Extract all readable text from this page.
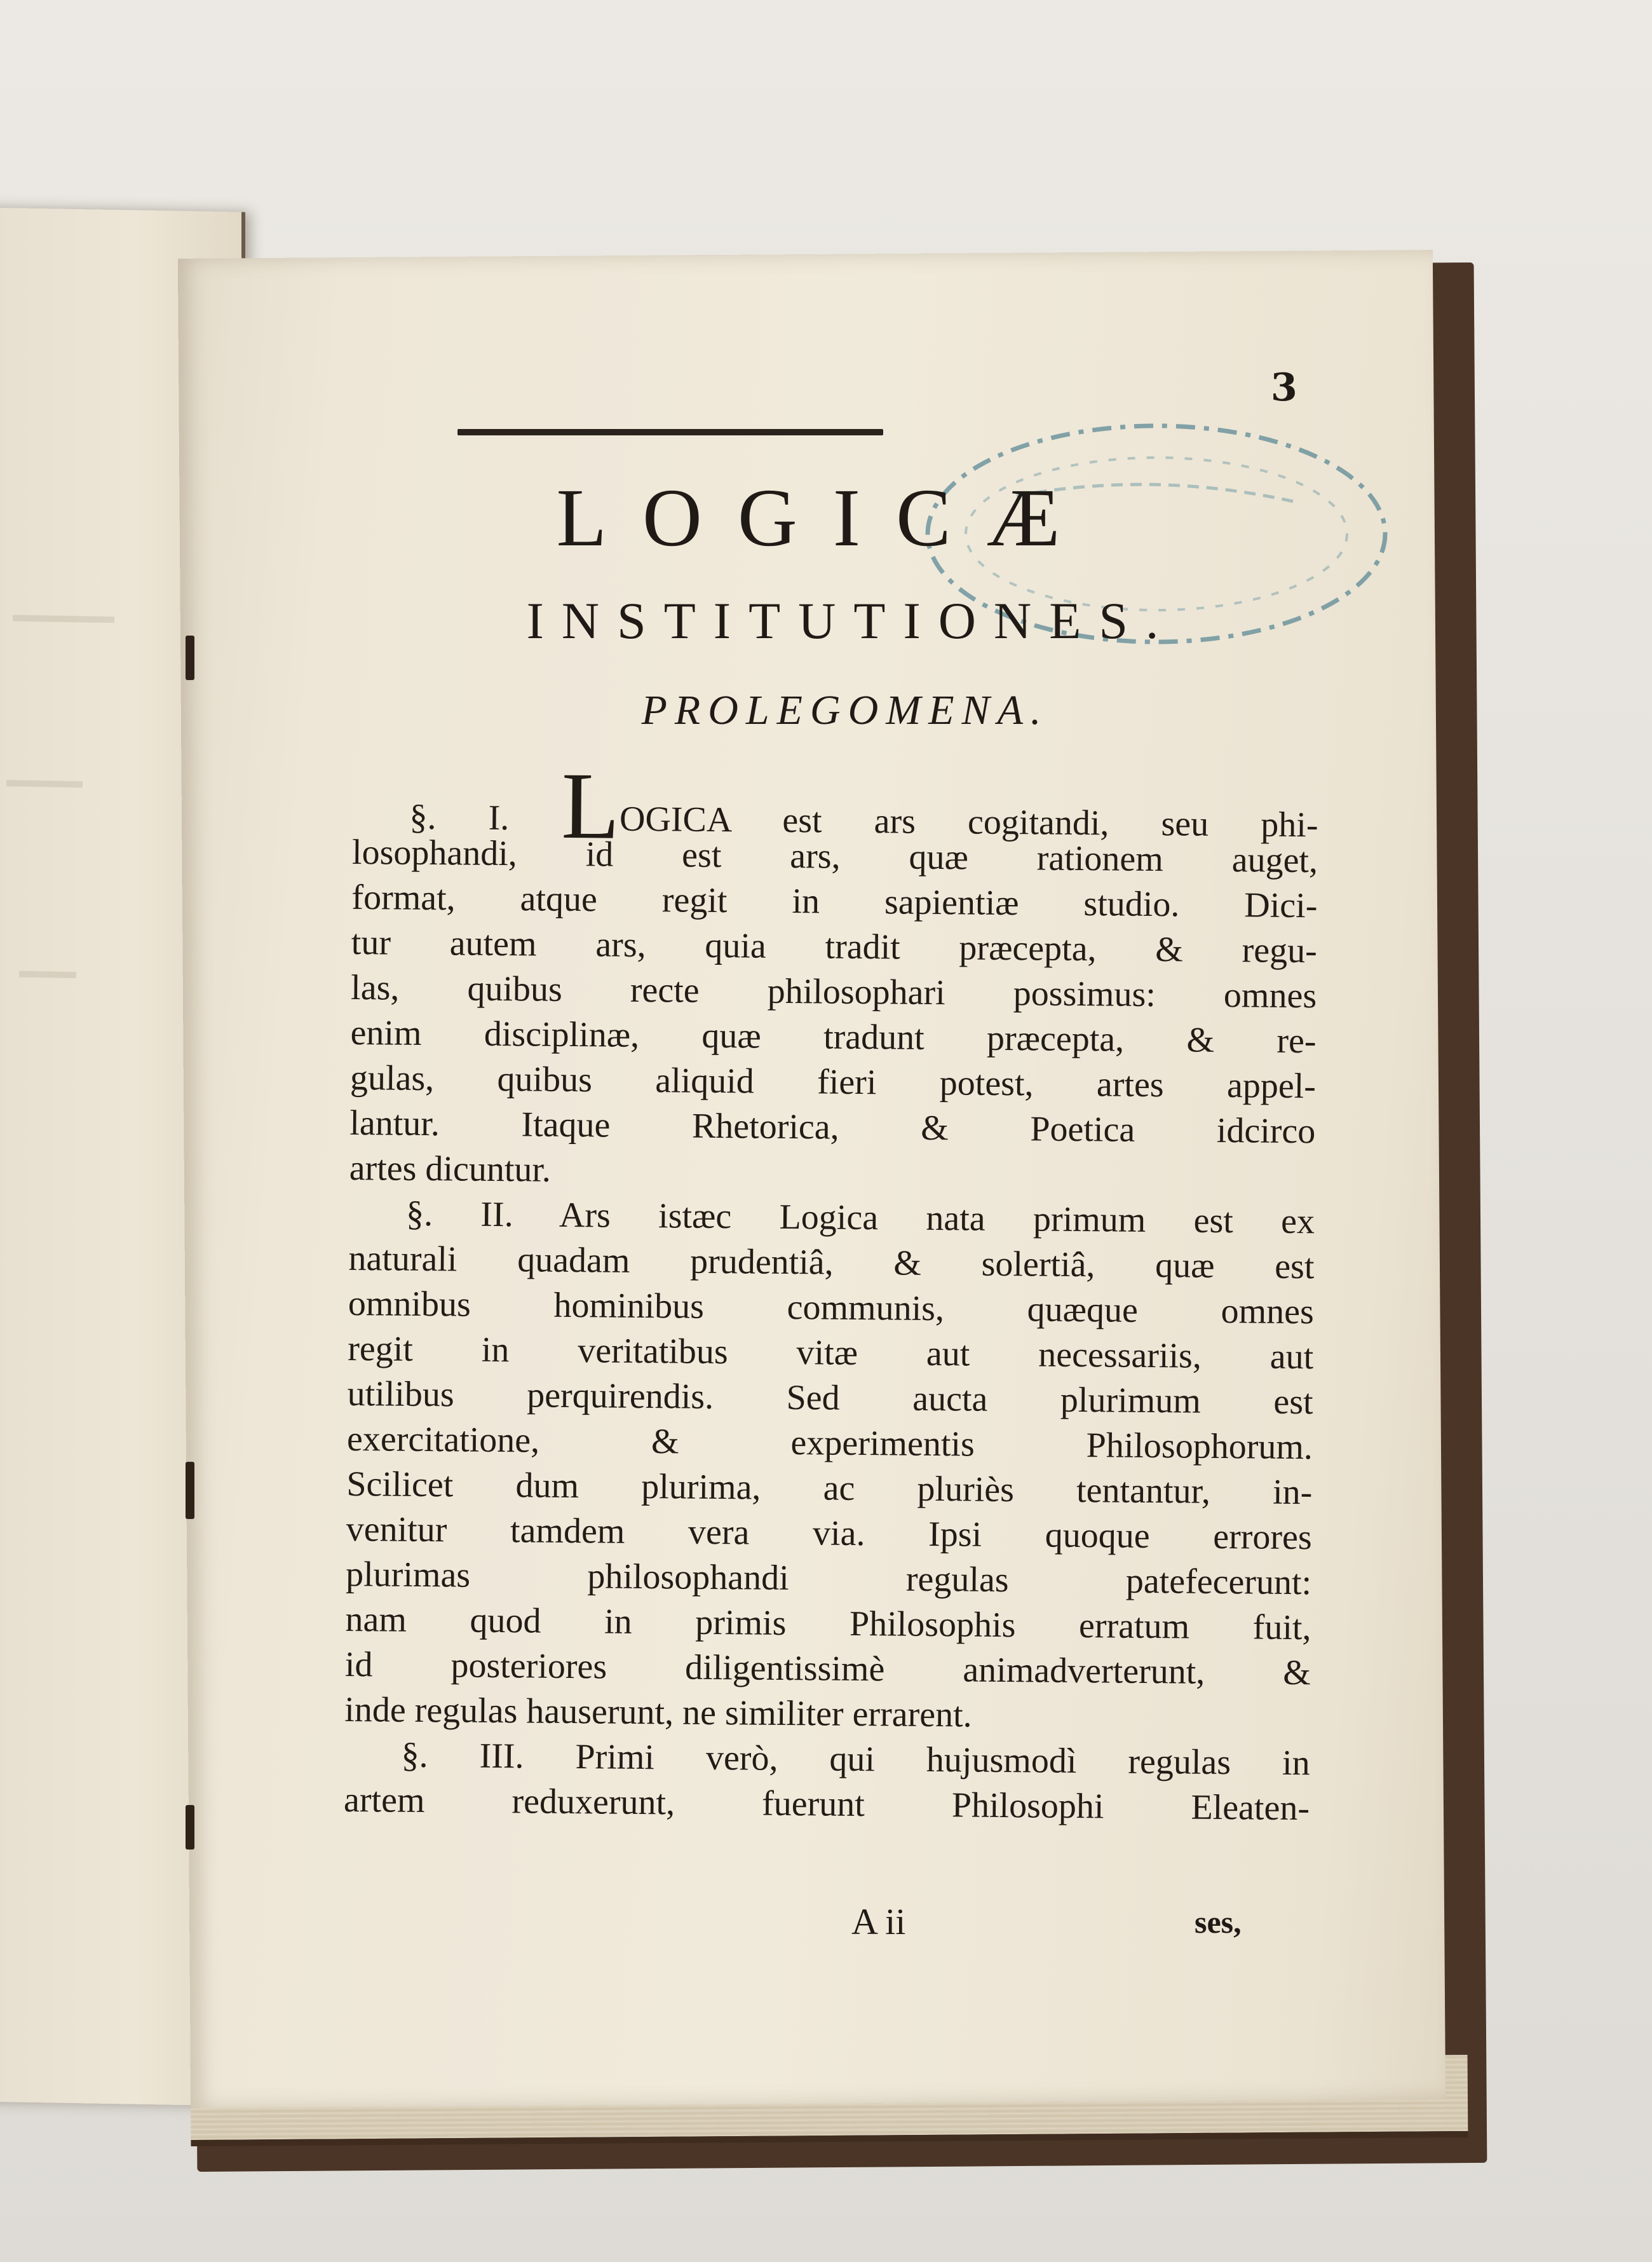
3
LOGICÆ
INSTITUTIONES.
PROLEGOMENA.
§. I. LOGICA est ars cogitandi, seu phi-
losophandi, id est ars, quæ rationem auget,
format, atque regit in sapientiæ studio. Dici-
tur autem ars, quia tradit præcepta, & regu-
las, quibus recte philosophari possimus: omnes
enim disciplinæ, quæ tradunt præcepta, & re-
gulas, quibus aliquid fieri potest, artes appel-
lantur. Itaque Rhetorica, & Poetica idcirco
artes dicuntur.
§. II. Ars istæc Logica nata primum est ex
naturali quadam prudentiâ, & solertiâ, quæ est
omnibus hominibus communis, quæque omnes
regit in veritatibus vitæ aut necessariis, aut
utilibus perquirendis. Sed aucta plurimum est
exercitatione, & experimentis Philosophorum.
Scilicet dum plurima, ac pluriès tentantur, in-
venitur tamdem vera via. Ipsi quoque errores
plurimas philosophandi regulas patefecerunt:
nam quod in primis Philosophis erratum fuit,
id posteriores diligentissimè animadverterunt, &
inde regulas hauserunt, ne similiter errarent.
§. III. Primi verò, qui hujusmodì regulas in
artem reduxerunt, fuerunt Philosophi Eleaten-
A ii	ses,
